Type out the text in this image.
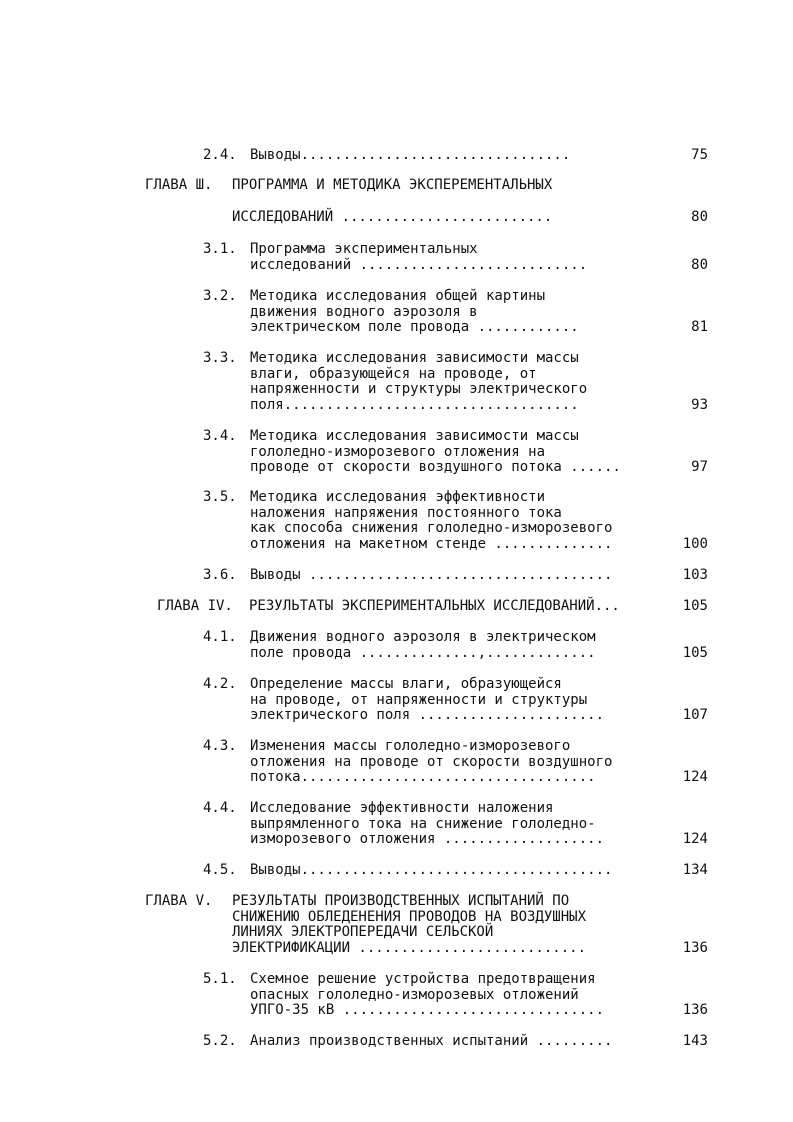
2.4. Выводы................................	75
ГЛАВА Ш. ПРОГРАММА И МЕТОДИКА ЭКСПЕРЕМЕНТАЛЬНЫХ
ИССЛЕДОВАНИЙ .........................	80
3.1. Программа экспериментальных
исследований ...........................	80
3.2. Методика исследования общей картины
движения водного аэрозоля в
электрическом поле провода ............	81
3.3. Методика исследования зависимости массы
влаги, образующейся на проводе, от
напряженности и структуры электрического
поля...................................	93
3.4. Методика исследования зависимости массы
гололедно-изморозевого отложения на
проводе от скорости воздушного потока ......	97
3.5. Методика исследования эффективности
наложения напряжения постоянного тока
как способа снижения гололедно-изморозевого
отложения на макетном стенде ..............	100
3.6. Выводы ....................................	103
ГЛАВА IV. РЕЗУЛЬТАТЫ ЭКСПЕРИМЕНТАЛЬНЫХ ИССЛЕДОВАНИЙ...	105
4.1. Движения водного аэрозоля в электрическом
поле провода ..............,.............	105
4.2. Определение массы влаги, образующейся
на проводе, от напряженности и структуры
электрического поля ......................	107
4.3. Изменения массы гололедно-изморозевого
отложения на проводе от скорости воздушного
потока...................................	124
4.4. Исследование эффективности наложения
выпрямленного тока на снижение гололедно-
изморозевого отложения ...................	124
4.5. Выводы.....................................	134
ГЛАВА V. РЕЗУЛЬТАТЫ ПРОИЗВОДСТВЕННЫХ ИСПЫТАНИЙ ПО
СНИЖЕНИЮ ОБЛЕДЕНЕНИЯ ПРОВОДОВ НА ВОЗДУШНЫХ
ЛИНИЯХ ЭЛЕКТРОПЕРЕДАЧИ СЕЛЬСКОЙ
ЭЛЕКТРИФИКАЦИИ ...........................	136
5.1. Схемное решение устройства предотвращения
опасных гололедно-изморозевых отложений
УПГО-35 кВ ...............................	136
5.2. Анализ производственных испытаний .........	143
